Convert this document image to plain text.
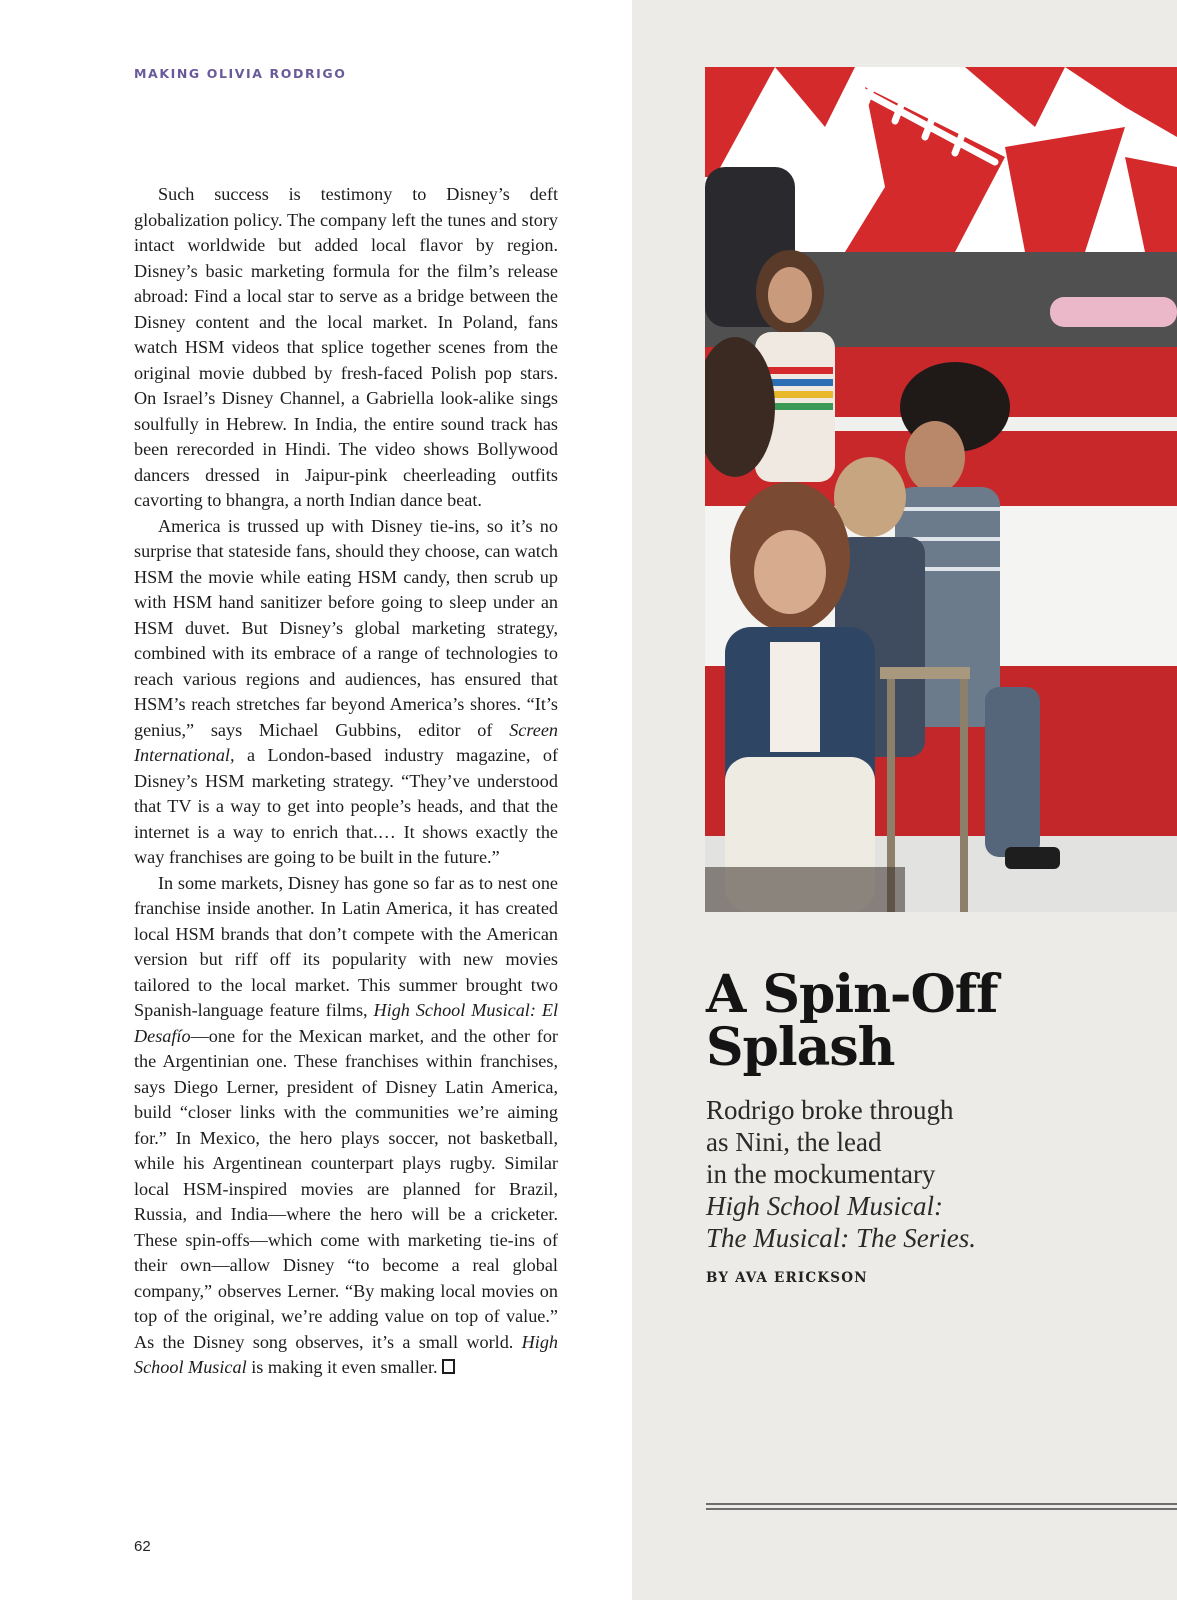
MAKING OLIVIA RODRIGO

Such success is testimony to Disney’s deft globalization policy. The company left the tunes and story intact worldwide but added local flavor by region. Disney’s basic marketing formula for the film’s release abroad: Find a local star to serve as a bridge between the Disney content and the local market. In Poland, fans watch HSM videos that splice together scenes from the original movie dubbed by fresh-faced Polish pop stars. On Israel’s Disney Channel, a Gabriella look-alike sings soulfully in Hebrew. In India, the entire sound track has been rerecorded in Hindi. The video shows Bollywood dancers dressed in Jaipur-pink cheerleading outfits cavorting to bhangra, a north Indian dance beat.

America is trussed up with Disney tie-ins, so it’s no surprise that stateside fans, should they choose, can watch HSM the movie while eating HSM candy, then scrub up with HSM hand sanitizer before going to sleep under an HSM duvet. But Disney’s global marketing strategy, combined with its embrace of a range of technologies to reach various regions and audiences, has ensured that HSM’s reach stretches far beyond America’s shores. “It’s genius,” says Michael Gubbins, editor of Screen International, a London-based industry magazine, of Disney’s HSM marketing strategy. “They’ve understood that TV is a way to get into people’s heads, and that the internet is a way to enrich that.… It shows exactly the way franchises are going to be built in the future.”

In some markets, Disney has gone so far as to nest one franchise inside another. In Latin America, it has created local HSM brands that don’t compete with the American version but riff off its popularity with new movies tailored to the local market. This summer brought two Spanish-language feature films, High School Musical: El Desafío—one for the Mexican market, and the other for the Argentinian one. These franchises within franchises, says Diego Lerner, president of Disney Latin America, build “closer links with the communities we’re aiming for.” In Mexico, the hero plays soccer, not basketball, while his Argentinean counterpart plays rugby. Similar local HSM-inspired movies are planned for Brazil, Russia, and India—where the hero will be a cricketer. These spin-offs—which come with marketing tie-ins of their own—allow Disney “to become a real global company,” observes Lerner. “By making local movies on top of the original, we’re adding value on top of value.” As the Disney song observes, it’s a small world. High School Musical is making it even smaller.

62
A Spin-Off
Splash
Rodrigo broke through
as Nini, the lead
in the mockumentary
High School Musical:
The Musical: The Series.
BY AVA ERICKSON
